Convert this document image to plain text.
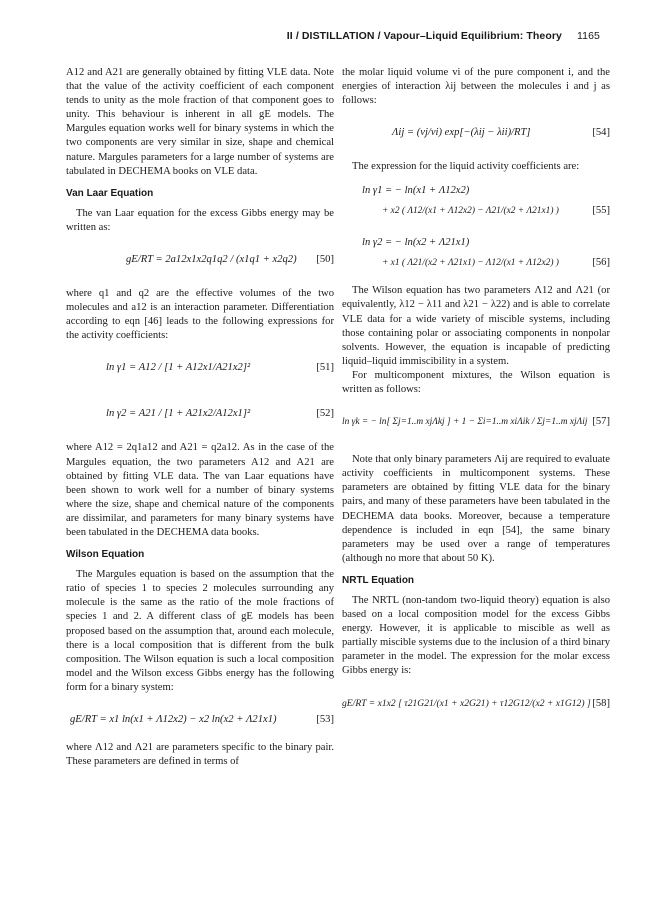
II / DISTILLATION / Vapour–Liquid Equilibrium: Theory 1165

A12 and A21 are generally obtained by fitting VLE data. Note that the value of the activity coefficient of each component tends to unity as the mole fraction of that component goes to unity. This behaviour is inherent in all gE models. The Margules equation works well for binary systems in which the two components are very similar in size, shape and chemical nature. Margules parameters for a large number of systems are tabulated in DECHEMA books on VLE data.

Van Laar Equation

The van Laar equation for the excess Gibbs energy may be written as:

gE/RT = 2a12x1x2q1q2 / (x1q1 + x2q2) [50]

where q1 and q2 are the effective volumes of the two molecules and a12 is an interaction parameter. Differentiation according to eqn [46] leads to the following expressions for the activity coefficients:

ln γ1 = A12 / [1 + A12x1/A21x2]²	[51]
ln γ2 = A21 / [1 + A21x2/A12x1]²	[52]

where A12 = 2q1a12 and A21 = q2a12. As in the case of the Margules equation, the two parameters A12 and A21 are obtained by fitting VLE data. The van Laar equations have been shown to work well for a number of binary systems where the size, shape and chemical nature of the components are dissimilar, and parameters for many binary systems have been tabulated in the DECHEMA data books.

Wilson Equation

The Margules equation is based on the assumption that the ratio of species 1 to species 2 molecules surrounding any molecule is the same as the ratio of the mole fractions of species 1 and 2. A different class of gE models has been proposed based on the assumption that, around each molecule, there is a local composition that is different from the bulk composition. The Wilson equation is such a local composition model and the Wilson excess Gibbs energy has the following form for a binary system:

gE/RT = x1 ln(x1 + Λ12x2) − x2 ln(x2 + Λ21x1)	[53]

where Λ12 and Λ21 are parameters specific to the binary pair. These parameters are defined in terms of

the molar liquid volume vi of the pure component i, and the energies of interaction λij between the molecules i and j as follows:

Λij = (vj/vi) exp[−(λij − λii)/RT]	[54]

The expression for the liquid activity coefficients are:

ln γ1 = − ln(x1 + Λ12x2)
+ x2 ( Λ12/(x1 + Λ12x2) − Λ21/(x2 + Λ21x1) )	[55]
ln γ2 = − ln(x2 + Λ21x1)
+ x1 ( Λ21/(x2 + Λ21x1) − Λ12/(x1 + Λ12x2) )	[56]

The Wilson equation has two parameters Λ12 and Λ21 (or equivalently, λ12 − λ11 and λ21 − λ22) and is able to correlate VLE data for a wide variety of miscible systems, including those containing polar or associating components in nonpolar solvents. However, the equation is incapable of predicting liquid–liquid immiscibility in a system.

For multicomponent mixtures, the Wilson equation is written as follows:

ln γk = − ln[ Σj=1..m xjΛkj ] + 1 − Σi=1..m xiΛik / Σj=1..m xjΛij [57]

Note that only binary parameters Λij are required to evaluate activity coefficients in multicomponent systems. These parameters are obtained by fitting VLE data for the binary pairs, and many of these parameters have been tabulated in the DECHEMA data books. Moreover, because a temperature dependence is included in eqn [54], the same binary parameters may be used over a range of temperatures (although no more that about 50 K).

NRTL Equation

The NRTL (non-tandom two-liquid theory) equation is also based on a local composition model for the excess Gibbs energy. However, it is applicable to miscible as well as partially miscible systems due to the inclusion of a third binary parameter in the model. The expression for the molar excess Gibbs energy is:

gE/RT = x1x2 [ τ21G21/(x1 + x2G21) + τ12G12/(x2 + x1G12) ] [58]
